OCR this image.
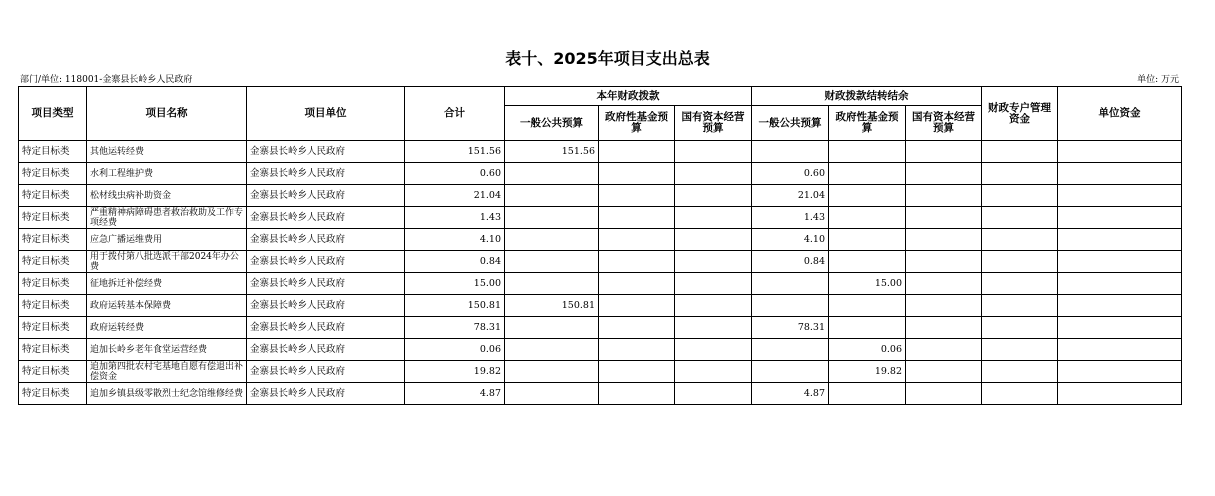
表十、2025年项目支出总表
部门/单位: 118001-金寨县长岭乡人民政府	单位: 万元
项目类型	项目名称	项目单位	合计	本年财政拨款			财政拨款结转结余			财政专户管理资金	单位资金
				一般公共预算	政府性基金预算	国有资本经营预算	一般公共预算	政府性基金预算	国有资本经营预算		
特定目标类	其他运转经费	金寨县长岭乡人民政府	151.56	151.56							
特定目标类	水利工程维护费	金寨县长岭乡人民政府	0.60				0.60				
特定目标类	松材线虫病补助资金	金寨县长岭乡人民政府	21.04				21.04				
特定目标类	严重精神病障碍患者救治救助及工作专项经费	金寨县长岭乡人民政府	1.43				1.43				
特定目标类	应急广播运维费用	金寨县长岭乡人民政府	4.10				4.10				
特定目标类	用于拨付第八批选派干部2024年办公费	金寨县长岭乡人民政府	0.84				0.84				
特定目标类	征地拆迁补偿经费	金寨县长岭乡人民政府	15.00					15.00			
特定目标类	政府运转基本保障费	金寨县长岭乡人民政府	150.81	150.81							
特定目标类	政府运转经费	金寨县长岭乡人民政府	78.31				78.31				
特定目标类	追加长岭乡老年食堂运营经费	金寨县长岭乡人民政府	0.06					0.06			
特定目标类	追加第四批农村宅基地自愿有偿退出补偿资金	金寨县长岭乡人民政府	19.82					19.82			
特定目标类	追加乡镇县级零散烈士纪念馆维修经费	金寨县长岭乡人民政府	4.87				4.87				
